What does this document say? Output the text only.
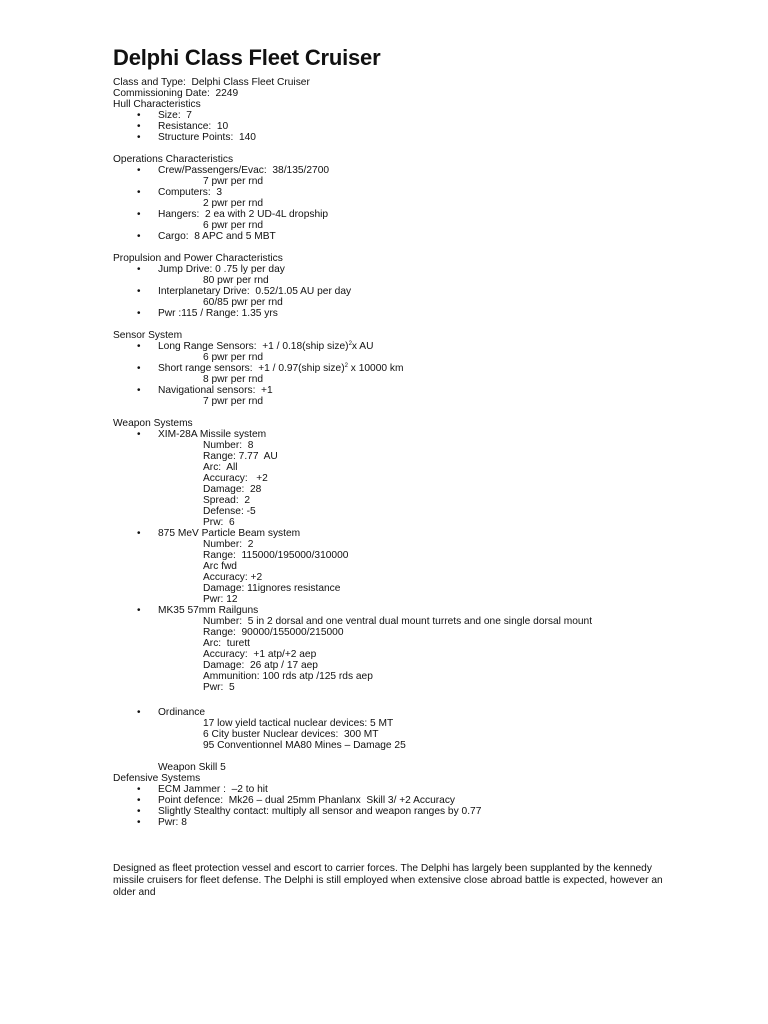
Delphi Class Fleet Cruiser
Class and Type:  Delphi Class Fleet Cruiser
Commissioning Date:  2249
Hull Characteristics
• Size:  7
• Resistance:  10
• Structure Points:  140
Operations Characteristics
• Crew/Passengers/Evac:  38/135/2700
7 pwr per rnd
• Computers:  3
2 pwr per rnd
• Hangers:  2 ea with 2 UD-4L dropship
6 pwr per rnd
• Cargo:  8 APC and 5 MBT
Propulsion and Power Characteristics
• Jump Drive: 0 .75 ly per day
80 pwr per rnd
• Interplanetary Drive:  0.52/1.05 AU per day
60/85 pwr per rnd
• Pwr :115 / Range: 1.35 yrs
Sensor System
• Long Range Sensors:  +1 / 0.18(ship size)$^2$x AU
6 pwr per rnd
• Short range sensors:  +1 / 0.97(ship size)$^2$ x 10000 km
8 pwr per rnd
• Navigational sensors:  +1
7 pwr per rnd
Weapon Systems
• XIM-28A Missile system
Number:  8
Range: 7.77  AU
Arc:  All
Accuracy:   +2
Damage:  28
Spread:  2
Defense: -5
Prw:  6
• 875 MeV Particle Beam system
Number:  2
Range:  115000/195000/310000
Arc fwd
Accuracy: +2
Damage: 11ignores resistance
Pwr: 12
• MK35 57mm Railguns
Number:  5 in 2 dorsal and one ventral dual mount turrets and one single dorsal mount
Range:  90000/155000/215000
Arc:  turett
Accuracy:  +1 atp/+2 aep
Damage:  26 atp / 17 aep
Ammunition: 100 rds atp /125 rds aep
Pwr:  5
• Ordinance
17 low yield tactical nuclear devices: 5 MT
6 City buster Nuclear devices:  300 MT
95 Conventionnel MA80 Mines – Damage 25
Weapon Skill 5
Defensive Systems
• ECM Jammer :  –2 to hit
• Point defence:  Mk26 – dual 25mm Phanlanx  Skill 3/ +2 Accuracy
• Slightly Stealthy contact: multiply all sensor and weapon ranges by 0.77
• Pwr: 8

Designed as fleet protection vessel and escort to carrier forces. The Delphi has largely been supplanted by the kennedy missile cruisers for fleet defense. The Delphi is still employed when extensive close abroad battle is expected, however an older and
